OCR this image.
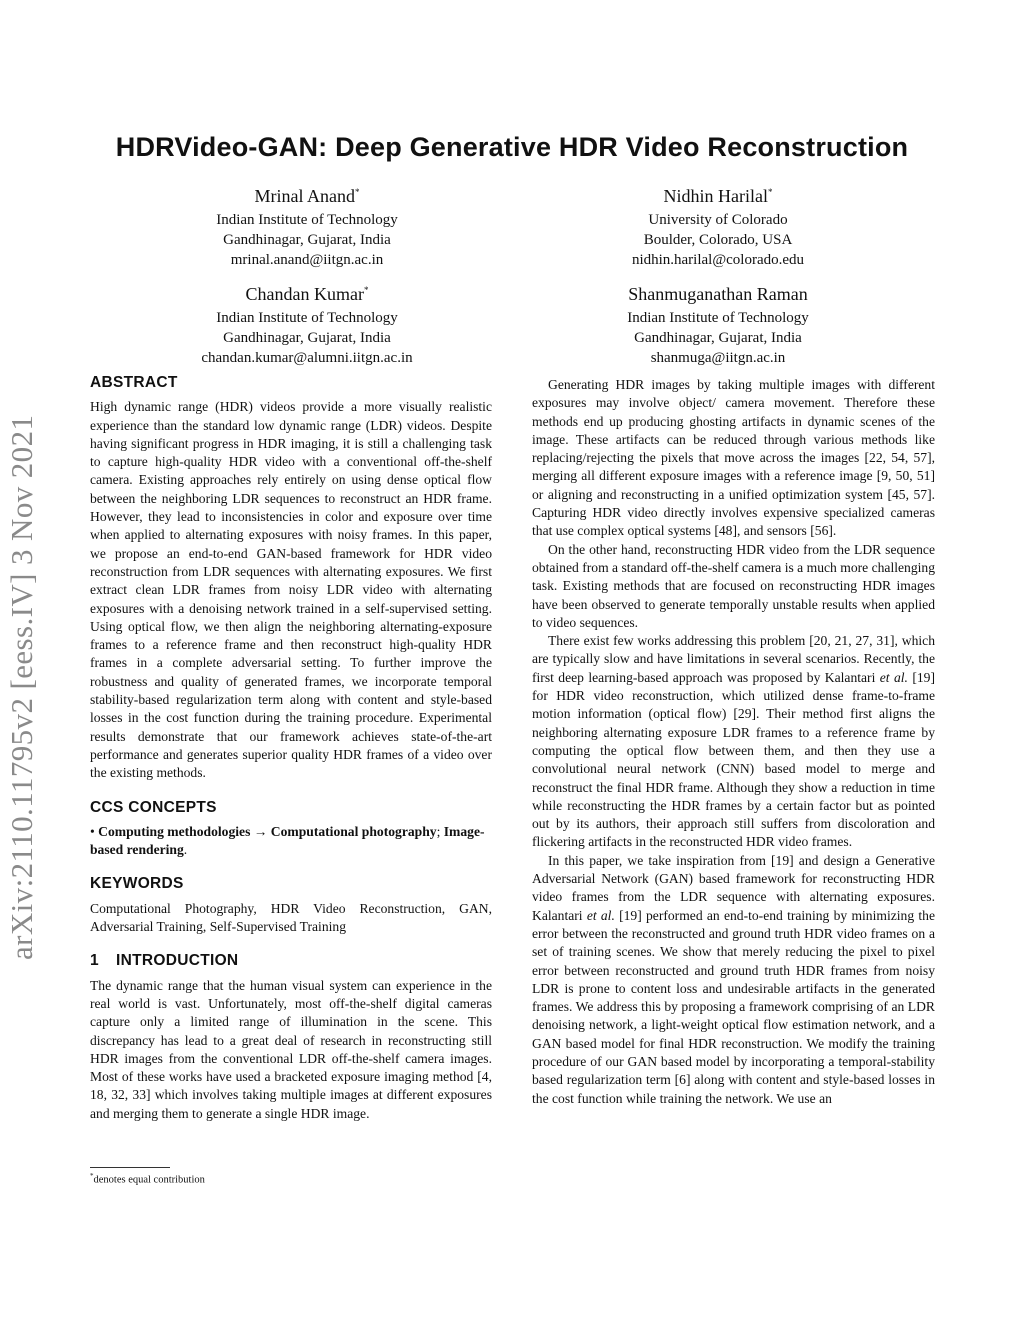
arXiv:2110.11795v2 [eess.IV] 3 Nov 2021
HDRVideo-GAN: Deep Generative HDR Video Reconstruction
Mrinal Anand*
Indian Institute of Technology
Gandhinagar, Gujarat, India
mrinal.anand@iitgn.ac.in
Nidhin Harilal*
University of Colorado
Boulder, Colorado, USA
nidhin.harilal@colorado.edu
Chandan Kumar*
Indian Institute of Technology
Gandhinagar, Gujarat, India
chandan.kumar@alumni.iitgn.ac.in
Shanmuganathan Raman
Indian Institute of Technology
Gandhinagar, Gujarat, India
shanmuga@iitgn.ac.in
ABSTRACT

High dynamic range (HDR) videos provide a more visually realistic experience than the standard low dynamic range (LDR) videos. Despite having significant progress in HDR imaging, it is still a challenging task to capture high-quality HDR video with a conventional off-the-shelf camera. Existing approaches rely entirely on using dense optical flow between the neighboring LDR sequences to reconstruct an HDR frame. However, they lead to inconsistencies in color and exposure over time when applied to alternating exposures with noisy frames. In this paper, we propose an end-to-end GAN-based framework for HDR video reconstruction from LDR sequences with alternating exposures. We first extract clean LDR frames from noisy LDR video with alternating exposures with a denoising network trained in a self-supervised setting. Using optical flow, we then align the neighboring alternating-exposure frames to a reference frame and then reconstruct high-quality HDR frames in a complete adversarial setting. To further improve the robustness and quality of generated frames, we incorporate temporal stability-based regularization term along with content and style-based losses in the cost function during the training procedure. Experimental results demonstrate that our framework achieves state-of-the-art performance and generates superior quality HDR frames of a video over the existing methods.

CCS CONCEPTS

• Computing methodologies → Computational photography; Image-based rendering.

KEYWORDS

Computational Photography, HDR Video Reconstruction, GAN, Adversarial Training, Self-Supervised Training

1 INTRODUCTION

The dynamic range that the human visual system can experience in the real world is vast. Unfortunately, most off-the-shelf digital cameras capture only a limited range of illumination in the scene. This discrepancy has lead to a great deal of research in reconstructing still HDR images from the conventional LDR off-the-shelf camera images. Most of these works have used a bracketed exposure imaging method [4, 18, 32, 33] which involves taking multiple images at different exposures and merging them to generate a single HDR image.

*denotes equal contribution

Generating HDR images by taking multiple images with different exposures may involve object/ camera movement. Therefore these methods end up producing ghosting artifacts in dynamic scenes of the image. These artifacts can be reduced through various methods like replacing/rejecting the pixels that move across the images [22, 54, 57], merging all different exposure images with a reference image [9, 50, 51] or aligning and reconstructing in a unified optimization system [45, 57]. Capturing HDR video directly involves expensive specialized cameras that use complex optical systems [48], and sensors [56].

On the other hand, reconstructing HDR video from the LDR sequence obtained from a standard off-the-shelf camera is a much more challenging task. Existing methods that are focused on reconstructing HDR images have been observed to generate temporally unstable results when applied to video sequences.

There exist few works addressing this problem [20, 21, 27, 31], which are typically slow and have limitations in several scenarios. Recently, the first deep learning-based approach was proposed by Kalantari et al. [19] for HDR video reconstruction, which utilized dense frame-to-frame motion information (optical flow) [29]. Their method first aligns the neighboring alternating exposure LDR frames to a reference frame by computing the optical flow between them, and then they use a convolutional neural network (CNN) based model to merge and reconstruct the final HDR frame. Although they show a reduction in time while reconstructing the HDR frames by a certain factor but as pointed out by its authors, their approach still suffers from discoloration and flickering artifacts in the reconstructed HDR video frames.

In this paper, we take inspiration from [19] and design a Generative Adversarial Network (GAN) based framework for reconstructing HDR video frames from the LDR sequence with alternating exposures. Kalantari et al. [19] performed an end-to-end training by minimizing the error between the reconstructed and ground truth HDR video frames on a set of training scenes. We show that merely reducing the pixel to pixel error between reconstructed and ground truth HDR frames from noisy LDR is prone to content loss and undesirable artifacts in the generated frames. We address this by proposing a framework comprising of an LDR denoising network, a light-weight optical flow estimation network, and a GAN based model for final HDR reconstruction. We modify the training procedure of our GAN based model by incorporating a temporal-stability based regularization term [6] along with content and style-based losses in the cost function while training the network. We use an
